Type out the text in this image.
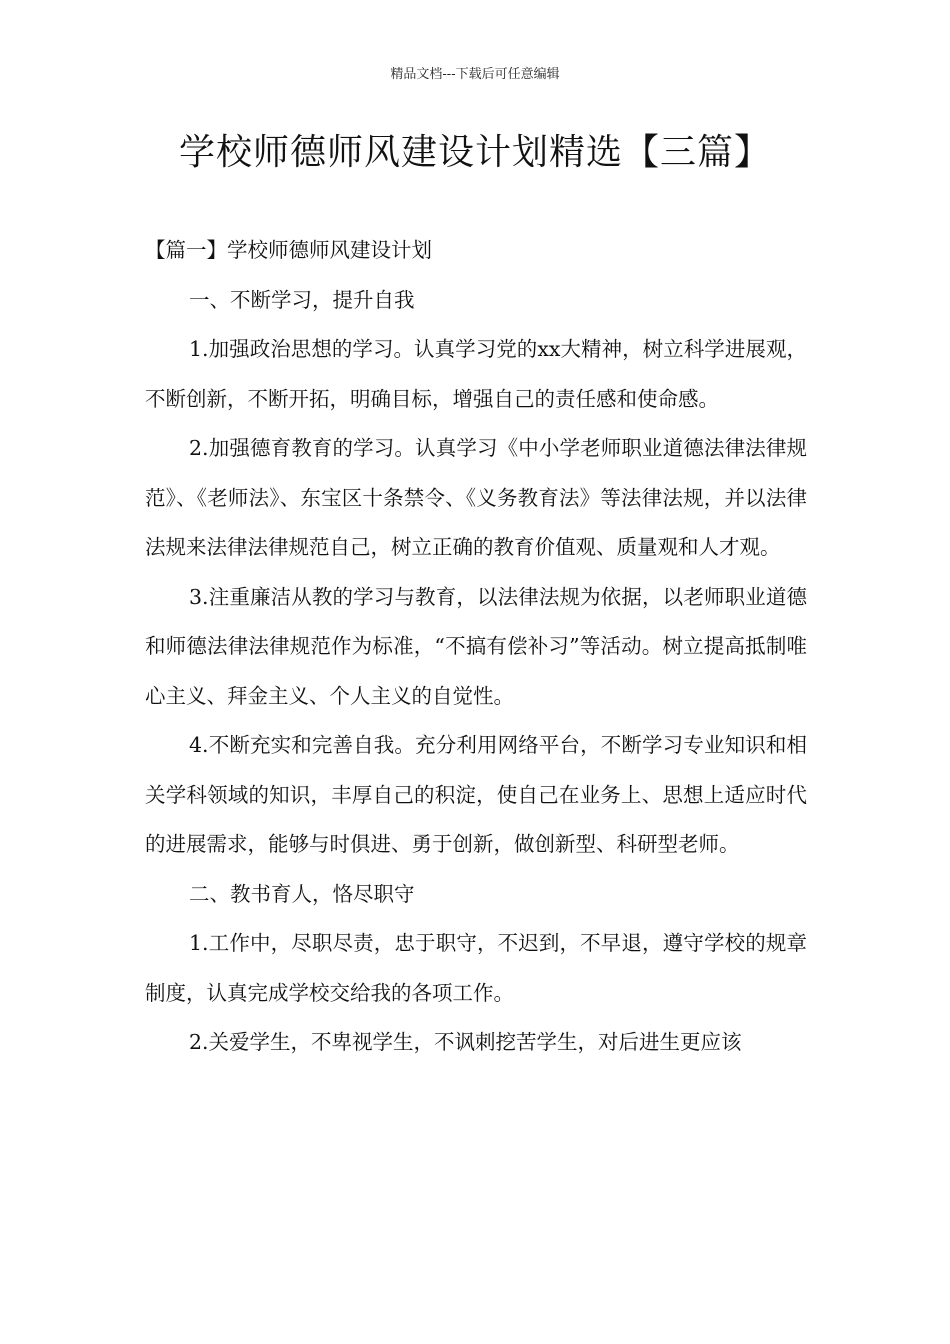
精品文档---下载后可任意编辑
学校师德师风建设计划精选【三篇】

【篇一】学校师德师风建设计划

一、不断学习，提升自我

1.加强政治思想的学习。认真学习党的xx大精神，树立科学进展观，不断创新，不断开拓，明确目标，增强自己的责任感和使命感。

2.加强德育教育的学习。认真学习《中小学老师职业道德法律法律规范》、《老师法》、东宝区十条禁令、《义务教育法》等法律法规，并以法律法规来法律法律规范自己，树立正确的教育价值观、质量观和人才观。

3.注重廉洁从教的学习与教育，以法律法规为依据，以老师职业道德和师德法律法律规范作为标准，“不搞有偿补习”等活动。树立提高抵制唯心主义、拜金主义、个人主义的自觉性。

4.不断充实和完善自我。充分利用网络平台，不断学习专业知识和相关学科领域的知识，丰厚自己的积淀，使自己在业务上、思想上适应时代的进展需求，能够与时俱进、勇于创新，做创新型、科研型老师。

二、教书育人，恪尽职守

1.工作中，尽职尽责，忠于职守，不迟到，不早退，遵守学校的规章制度，认真完成学校交给我的各项工作。

2.关爱学生，不卑视学生，不讽刺挖苦学生，对后进生更应该
